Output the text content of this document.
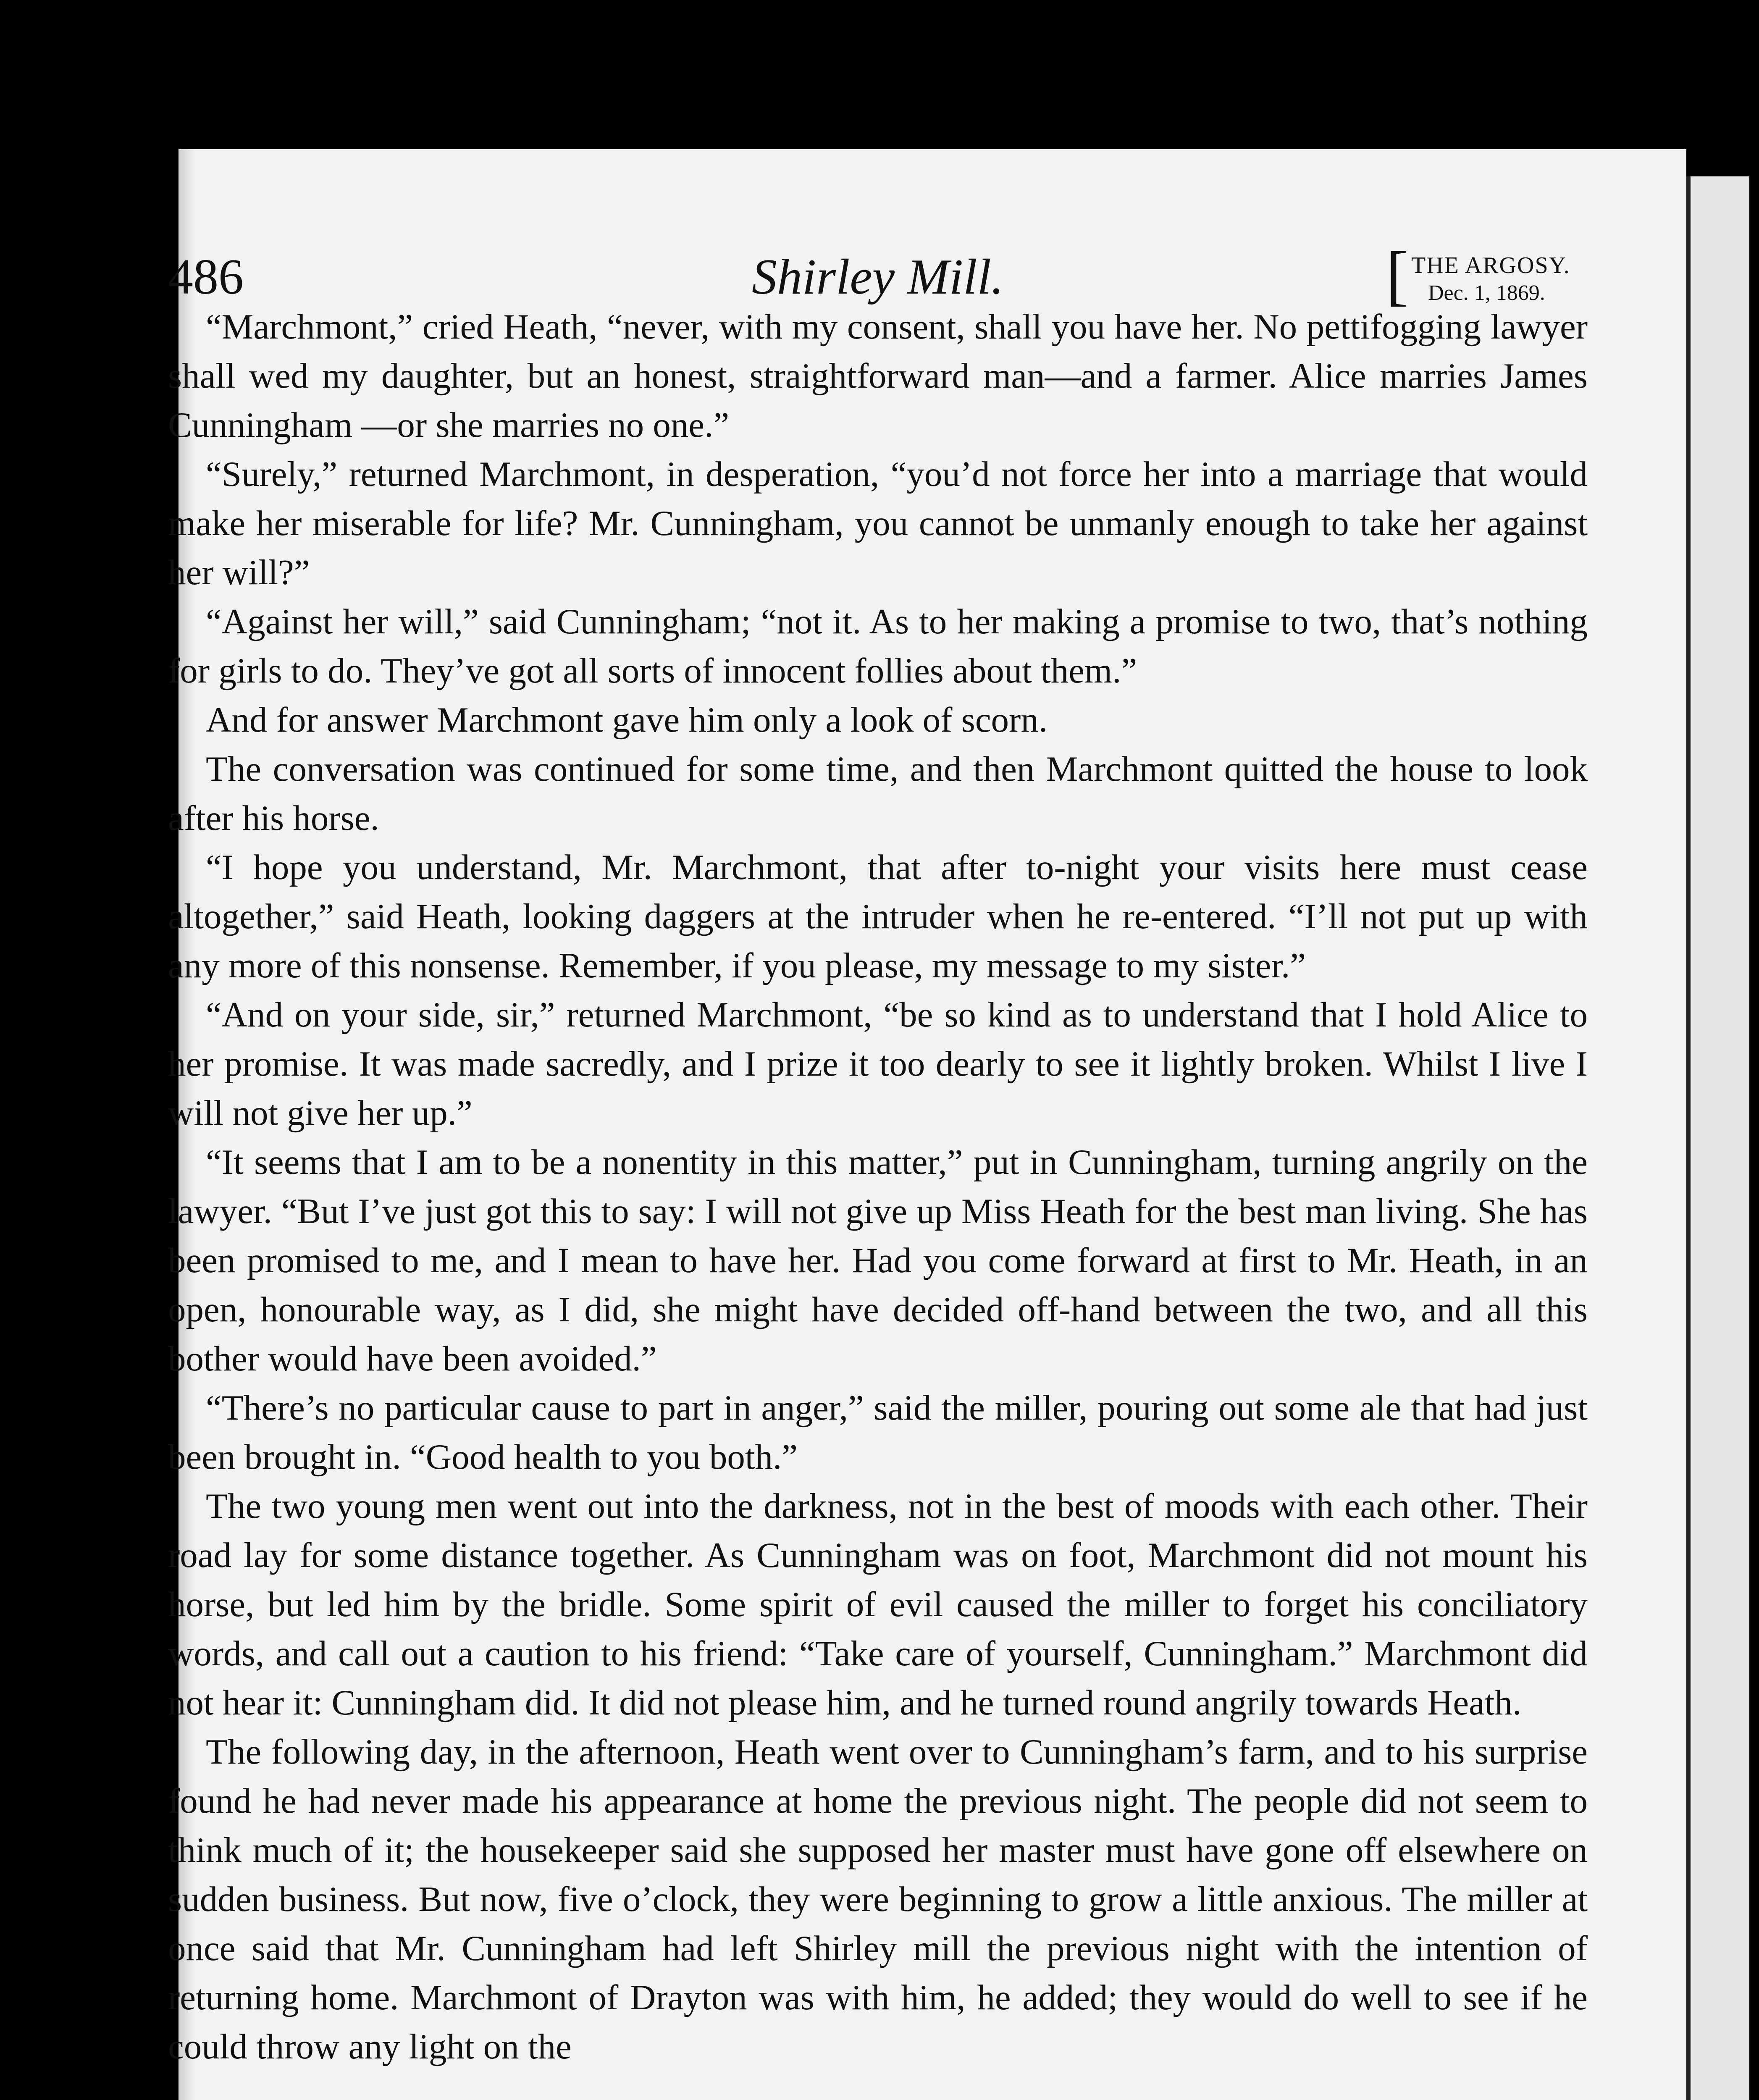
486	Shirley Mill.	[ THE ARGOSY.
Dec. 1, 1869.

“Marchmont,” cried Heath, “never, with my consent, shall you have her. No pettifogging lawyer shall wed my daughter, but an honest, straightforward man—and a farmer. Alice marries James Cunningham —or she marries no one.”

“Surely,” returned Marchmont, in desperation, “you’d not force her into a marriage that would make her miserable for life? Mr. Cunningham, you cannot be unmanly enough to take her against her will?”

“Against her will,” said Cunningham; “not it. As to her making a promise to two, that’s nothing for girls to do. They’ve got all sorts of innocent follies about them.”

And for answer Marchmont gave him only a look of scorn.

The conversation was continued for some time, and then Marchmont quitted the house to look after his horse.

“I hope you understand, Mr. Marchmont, that after to-night your visits here must cease altogether,” said Heath, looking daggers at the intruder when he re-entered. “I’ll not put up with any more of this nonsense. Remember, if you please, my message to my sister.”

“And on your side, sir,” returned Marchmont, “be so kind as to understand that I hold Alice to her promise. It was made sacredly, and I prize it too dearly to see it lightly broken. Whilst I live I will not give her up.”

“It seems that I am to be a nonentity in this matter,” put in Cunningham, turning angrily on the lawyer. “But I’ve just got this to say: I will not give up Miss Heath for the best man living. She has been promised to me, and I mean to have her. Had you come forward at first to Mr. Heath, in an open, honourable way, as I did, she might have decided off-hand between the two, and all this bother would have been avoided.”

“There’s no particular cause to part in anger,” said the miller, pouring out some ale that had just been brought in. “Good health to you both.”

The two young men went out into the darkness, not in the best of moods with each other. Their road lay for some distance together. As Cunningham was on foot, Marchmont did not mount his horse, but led him by the bridle. Some spirit of evil caused the miller to forget his conciliatory words, and call out a caution to his friend: “Take care of yourself, Cunningham.” Marchmont did not hear it: Cunningham did. It did not please him, and he turned round angrily towards Heath.

The following day, in the afternoon, Heath went over to Cunningham’s farm, and to his surprise found he had never made his appearance at home the previous night. The people did not seem to think much of it; the housekeeper said she supposed her master must have gone off elsewhere on sudden business. But now, five o’clock, they were beginning to grow a little anxious. The miller at once said that Mr. Cunningham had left Shirley mill the previous night with the intention of returning home. Marchmont of Drayton was with him, he added; they would do well to see if he could throw any light on the
